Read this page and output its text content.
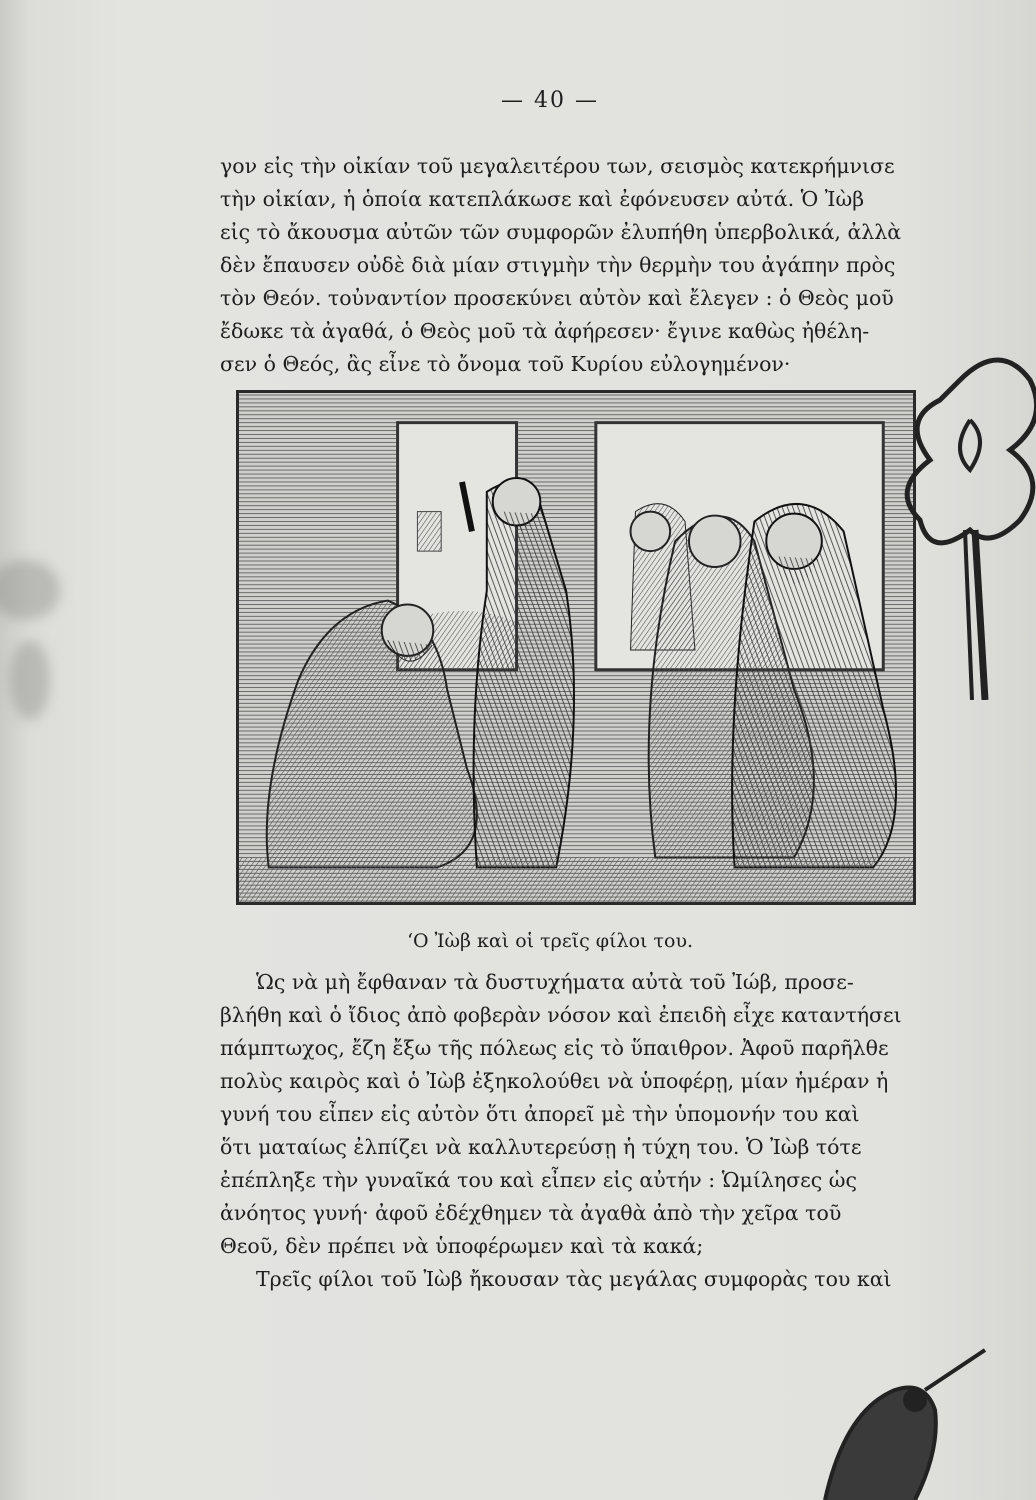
— 40 —
γον εἰς τὴν οἰκίαν τοῦ μεγαλειτέρου των, σεισμὸς κατεκρήμνισε
τὴν οἰκίαν, ἡ ὁποία κατεπλάκωσε καὶ ἐφόνευσεν αὐτά. Ὁ Ἰὼβ
εἰς τὸ ἄκουσμα αὐτῶν τῶν συμφορῶν ἐλυπήθη ὑπερβολικά, ἀλλὰ
δὲν ἔπαυσεν οὐδὲ διὰ μίαν στιγμὴν τὴν θερμὴν του ἀγάπην πρὸς
τὸν Θεόν. τοὐναντίον προσεκύνει αὐτὸν καὶ ἔλεγεν : ὁ Θεὸς μοῦ
ἔδωκε τὰ ἀγαθά, ὁ Θεὸς μοῦ τὰ ἀφήρεσεν· ἔγινε καθὼς ἠθέλη-
σεν ὁ Θεός, ἂς εἶνε τὸ ὄνομα τοῦ Κυρίου εὐλογημένον·
ʻΟ Ἰὼβ καὶ οἱ τρεῖς φίλοι του.
Ὡς νὰ μὴ ἔφθαναν τὰ δυστυχήματα αὐτὰ τοῦ Ἰώβ, προσε-
βλήθη καὶ ὁ ἴδιος ἀπὸ φοβερὰν νόσον καὶ ἐπειδὴ εἶχε καταντήσει
πάμπτωχος, ἔζη ἔξω τῆς πόλεως εἰς τὸ ὕπαιθρον. Ἀφοῦ παρῆλθε
πολὺς καιρὸς καὶ ὁ Ἰὼβ ἐξηκολούθει νὰ ὑποφέρῃ, μίαν ἡμέραν ἡ
γυνή του εἶπεν εἰς αὐτὸν ὅτι ἀπορεῖ μὲ τὴν ὑπομονήν του καὶ
ὅτι ματαίως ἐλπίζει νὰ καλλυτερεύσῃ ἡ τύχη του. Ὁ Ἰὼβ τότε
ἐπέπληξε τὴν γυναῖκά του καὶ εἶπεν εἰς αὐτήν : Ὡμίλησες ὡς
ἀνόητος γυνή· ἀφοῦ ἐδέχθημεν τὰ ἀγαθὰ ἀπὸ τὴν χεῖρα τοῦ
Θεοῦ, δὲν πρέπει νὰ ὑποφέρωμεν καὶ τὰ κακά;
Τρεῖς φίλοι τοῦ Ἰὼβ ἤκουσαν τὰς μεγάλας συμφορὰς του καὶ
